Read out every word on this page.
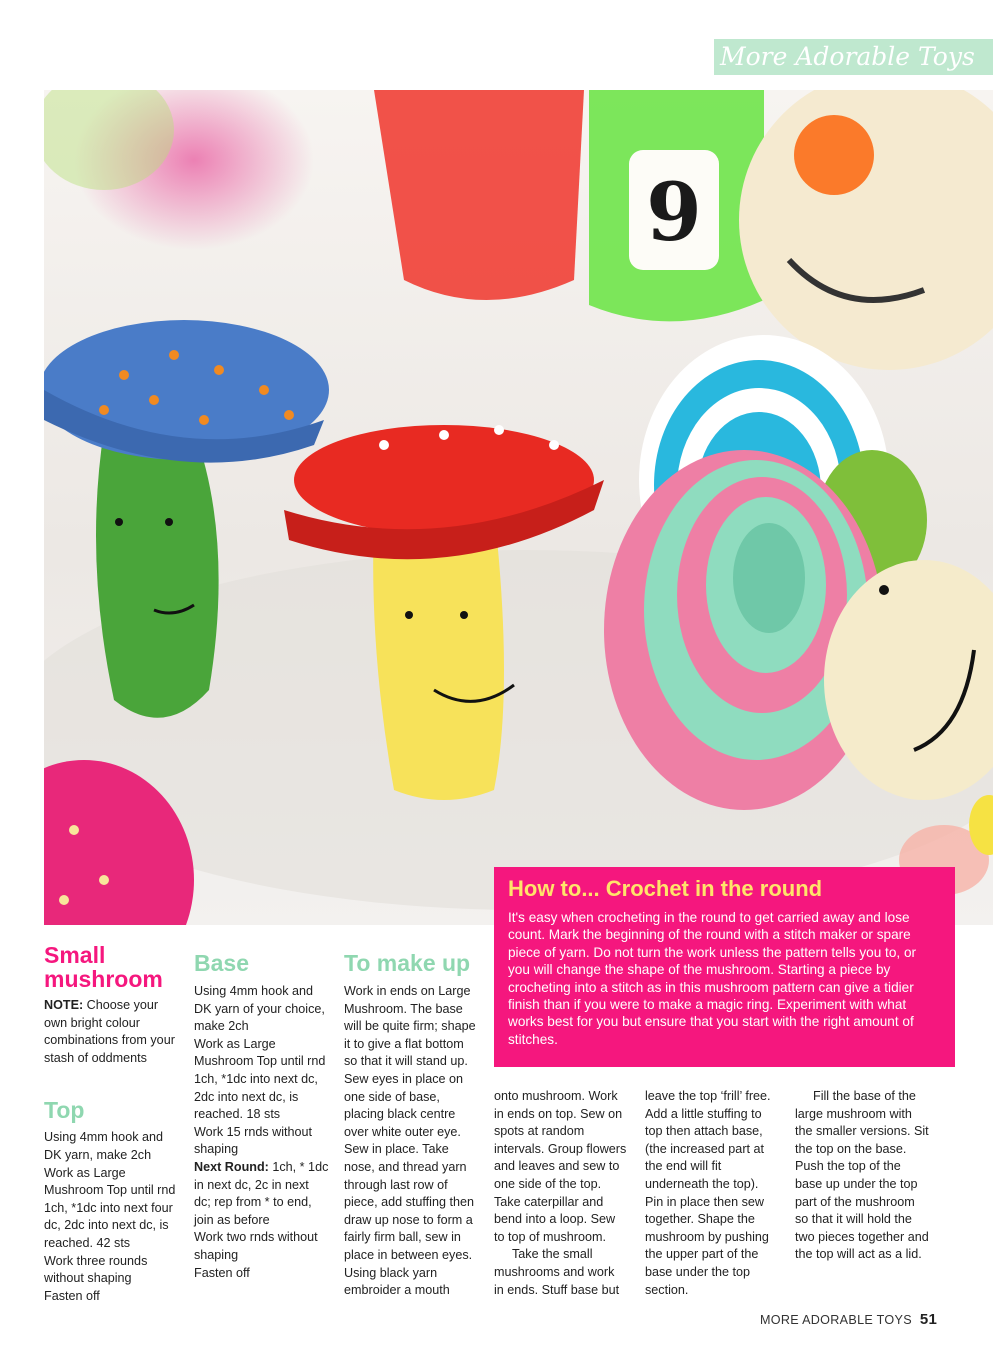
More Adorable Toys
9
How to... Crochet in the round

It's easy when crocheting in the round to get carried away and lose count. Mark the beginning of the round with a stitch maker or spare piece of yarn. Do not turn the work unless the pattern tells you to, or you will change the shape of the mushroom. Starting a piece by crocheting into a stitch as in this mushroom pattern can give a tidier finish than if you were to make a magic ring. Experiment with what works best for you but ensure that you start with the right amount of stitches.

Small mushroom

NOTE: Choose your own bright colour combinations from your stash of oddments

Top

Using 4mm hook and DK yarn, make 2ch

Work as Large Mushroom Top until rnd 1ch, *1dc into next four dc, 2dc into next dc, is reached. 42 sts

Work three rounds without shaping

Fasten off

Base

Using 4mm hook and DK yarn of your choice, make 2ch

Work as Large Mushroom Top until rnd 1ch, *1dc into next dc, 2dc into next dc, is reached. 18 sts

Work 15 rnds without shaping

Next Round: 1ch, * 1dc in next dc, 2c in next dc; rep from * to end, join as before

Work two rnds without shaping

Fasten off

To make up

Work in ends on Large Mushroom. The base will be quite firm; shape it to give a flat bottom so that it will stand up. Sew eyes in place on one side of base, placing black centre over white outer eye. Sew in place. Take nose, and thread yarn through last row of piece, add stuffing then draw up nose to form a fairly firm ball, sew in place in between eyes. Using black yarn embroider a mouth

onto mushroom. Work in ends on top. Sew on spots at random intervals. Group flowers and leaves and sew to one side of the top. Take caterpillar and bend into a loop. Sew to top of mushroom.

Take the small mushrooms and work in ends. Stuff base but

leave the top ‘frill’ free. Add a little stuffing to top then attach base, (the increased part at the end will fit underneath the top). Pin in place then sew together. Shape the mushroom by pushing the upper part of the base under the top section.

Fill the base of the large mushroom with the smaller versions. Sit the top on the base. Push the top of the base up under the top part of the mushroom so that it will hold the two pieces together and the top will act as a lid.

MORE ADORABLE TOYS 51
